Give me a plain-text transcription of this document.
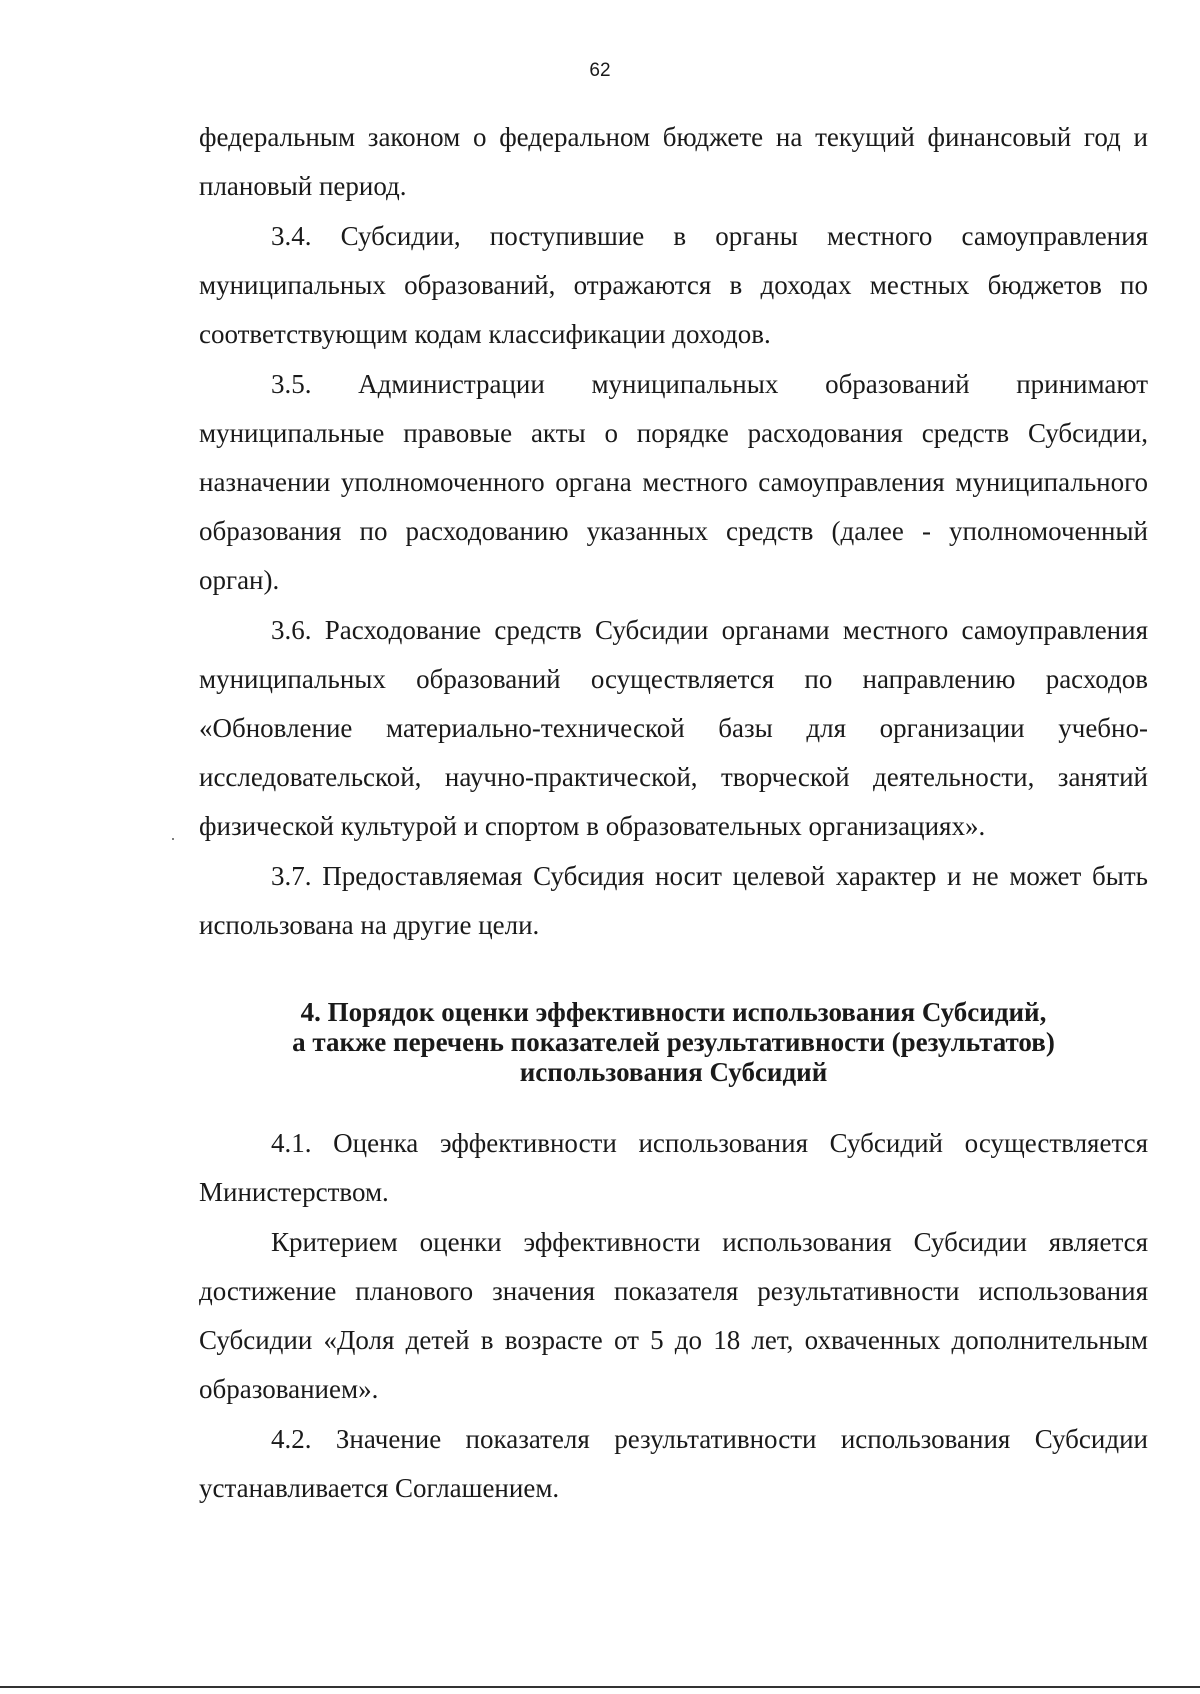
62

федеральным законом о федеральном бюджете на текущий финансовый год и плановый период.

3.4. Субсидии, поступившие в органы местного самоуправления муниципальных образований, отражаются в доходах местных бюджетов по соответствующим кодам классификации доходов.

3.5. Администрации муниципальных образований принимают муниципальные правовые акты о порядке расходования средств Субсидии, назначении уполномоченного органа местного самоуправления муниципального образования по расходованию указанных средств (далее - уполномоченный орган).

3.6. Расходование средств Субсидии органами местного самоуправления муниципальных образований осуществляется по направлению расходов «Обновление материально-технической базы для организации учебно-исследовательской, научно-практической, творческой деятельности, занятий физической культурой и спортом в образовательных организациях».

3.7. Предоставляемая Субсидия носит целевой характер и не может быть использована на другие цели.

4. Порядок оценки эффективности использования Субсидий,
а также перечень показателей результативности (результатов)
использования Субсидий

4.1. Оценка эффективности использования Субсидий осуществляется Министерством.

Критерием оценки эффективности использования Субсидии является достижение планового значения показателя результативности использования Субсидии «Доля детей в возрасте от 5 до 18 лет, охваченных дополнительным образованием».

4.2. Значение показателя результативности использования Субсидии устанавливается Соглашением.
